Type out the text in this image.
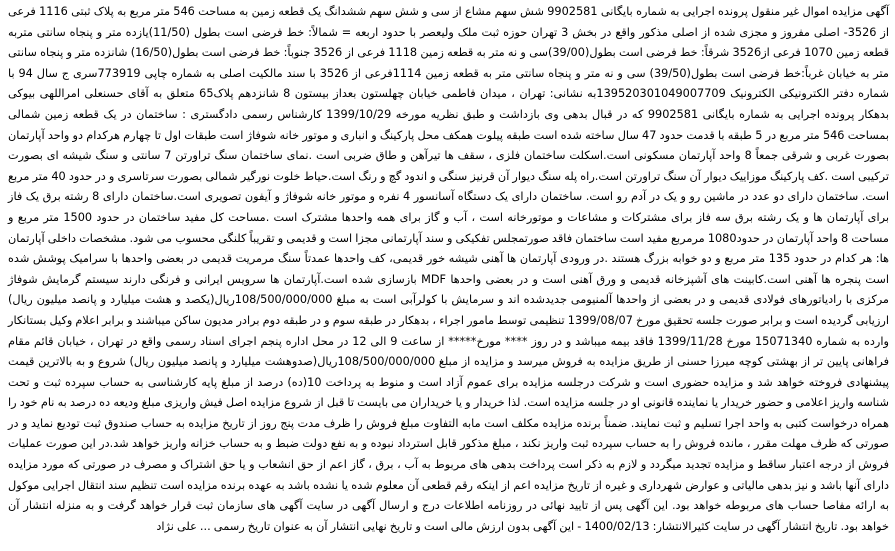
آگهی مزایده اموال غیر منقول پرونده اجرایی به شماره بایگانی 9902581 شش سهم مشاع از سی و شش سهم ششدانگ یک قطعه زمین به مساحت 546 متر مربع به پلاک ثبتی 1116 فرعی از 3526- اصلی مفروز و مجزی شده از اصلی مذکور واقع در بخش 3 تهران حوزه ثبت ملک ولیعصر با حدود اربعه = شمالاً: خط فرضی است بطول (11/50)یازده متر و پنجاه سانتی متربه قطعه زمین 1070 فرعی از3526 شرقاً: خط فرضی است بطول(39/00)سی و نه متر به قطعه زمین 1118 فرعی از 3526 جنوباً: خط فرضی است بطول(16/50) شانزده متر و پنجاه سانتی متر به خیابان غرباً:خط فرضی است بطول(39/50) سی و نه متر و پنجاه سانتی متر به قطعه زمین 1114فرعی از 3526 با سند مالکیت اصلی به شماره چاپی 773919سری ج سال 94 با شماره دفتر الکترونیکی الکترونیک 139520301049007709به نشانی: تهران ، میدان فاطمی خیابان چهلستون بعداز بیستون 8 شانزدهم پلاک65 متعلق به آقای حسنعلی امراللهی بیوکی بدهکار پرونده اجرایی به شماره بایگانی 9902581 که در قبال بدهی وی بازداشت و طبق نظریه مورخه 1399/10/29 کارشناس رسمی دادگستری : ساختمان در یک قطعه زمین شمالی بمساحت 546 متر مربع در 5 طبقه با قدمت حدود 47 سال ساخته شده است طبقه پیلوت همکف محل پارکینگ و انباری و موتور خانه شوفاژ است طبقات اول تا چهارم هرکدام دو واحد آپارتمان بصورت غربی و شرقی جمعاً 8 واحد آپارتمان مسکونی است.اسکلت ساختمان فلزی ، سقف ها تیرآهن و طاق ضربی است .نمای ساختمان سنگ تراورتن 7 سانتی و سنگ شیشه ای بصورت ترکیبی است .کف پارکینگ موزاییک دیوار آن سنگ تراورتن است.راه پله سنگ دیوار آن قرنیز سنگی و اندود گچ و رنگ است.حیاط خلوت نورگیر شمالی بصورت سرتاسری و در حدود 40 متر مربع است. ساختمان دارای دو عدد در ماشین رو و یک در آدم رو است. ساختمان دارای یک دستگاه آسانسور 4 نفره و موتور خانه شوفاژ و آیفون تصویری است.ساختمان دارای 8 رشته برق یک فاز برای آپارتمان ها و یک رشته برق سه فاز برای مشترکات و مشاعات و موتورخانه است ، آب و گاز برای همه واحدها مشترک است .مساحت کل مفید ساختمان در حدود 1500 متر مربع و مساحت 8 واحد آپارتمان در حدود1080 مرمربع مفید است ساختمان فاقد صورتمجلس تفکیکی و سند آپارتمانی مجزا است و قدیمی و تقریباً کلنگی محسوب می شود. مشخصات داخلی آپارتمان ها: هر کدام در حدود 135 متر مربع و دو خوابه بزرگ هستند .در ورودی آپارتمان ها آهنی شیشه خور قدیمی، کف واحدها عمدتاً سنگ مرمریت قدیمی در بعضی واحدها با سرامیک پوشش شده است پنجره ها آهنی است.کابینت های آشپزخانه قدیمی و ورق آهنی است و در بعضی واحدها MDF بازسازی شده است.آپارتمان ها سرویس ایرانی و فرنگی دارند سیستم گرمایش شوفاژ مرکزی با رادیاتورهای فولادی قدیمی و در بعضی از واحدها آلمنیومی جدیدشده اند و سرمایش با کولرآبی است به مبلغ 108/500/000/000ریال(یکصد و هشت میلیارد و پانصد میلیون ریال) ارزیابی گردیده است و برابر صورت جلسه تحقیق مورخ 1399/08/07 تنظیمی توسط مامور اجراء ، بدهکار در طبقه سوم و در طبقه دوم برادر مدیون ساکن میباشند و برابر اعلام وکیل بستانکار وارده به شماره 15071340 مورخ 1399/11/28 فاقد بیمه میباشد و در روز **** مورخ***** از ساعت 9 الی 12 در محل اداره پنجم اجرای اسناد رسمی واقع در تهران ، خیابان قائم مقام فراهانی پایین تر از بهشتی کوچه میرزا حسنی از طریق مزایده به فروش میرسد و مزایده از مبلغ 108/500/000/000ریال(صدوهشت میلیارد و پانصد میلیون ریال) شروع و به بالاترین قیمت پیشنهادی فروخته خواهد شد و مزایده حضوری است و شرکت درجلسه مزایده برای عموم آزاد است و منوط به پرداخت 10(ده) درصد از مبلغ پایه کارشناسی به حساب سپرده ثبت و تحت شناسه واریز اعلامی و حضور خریدار یا نماینده قانونی او در جلسه مزایده است. لذا خریدار و یا خریداران می بایست تا قبل از شروع مزایده اصل فیش واریزی مبلغ ودیعه ده درصد به نام خود را همراه درخواست کتبی به واحد اجرا تسلیم و ثبت نمایند. ضمناً برنده مزایده مکلف است مابه التفاوت مبلغ فروش را ظرف مدت پنج روز از تاریخ مزایده به حساب صندوق ثبت تودیع نماید و در صورتی که ظرف مهلت مقرر ، مانده فروش را به حساب سپرده ثبت واریز نکند ، مبلغ مذکور قابل استرداد نبوده و به نفع دولت ضبط و به حساب خزانه واریز خواهد شد.در این صورت عملیات فروش از درجه اعتبار ساقط و مزایده تجدید میگردد و لازم به ذکر است پرداخت بدهی های مربوط به آب ، برق ، گاز اعم از حق انشعاب و یا حق اشتراک و مصرف در صورتی که مورد مزایده دارای آنها باشد و نیز بدهی مالیاتی و عوارض شهرداری و غیره از تاریخ مزایده اعم از اینکه رقم قطعی آن معلوم شده یا نشده باشد به عهده برنده مزایده است تنظیم سند انتقال اجرایی موکول به ارائه مفاصا حساب های مربوطه خواهد بود. این آگهی پس از تایید نهائی در روزنامه اطلاعات درج و ارسال آگهی در سایت آگهی های سازمان ثبت قرار خواهد گرفت و به منزله انتشار آن خواهد بود. تاریخ انتشار آگهی در سایت کثیرالانتشار: 1400/02/13 - این آگهی بدون ارزش مالی است و تاریخ نهایی انتشار آن به عنوان تاریخ رسمی ... علی نژاد
